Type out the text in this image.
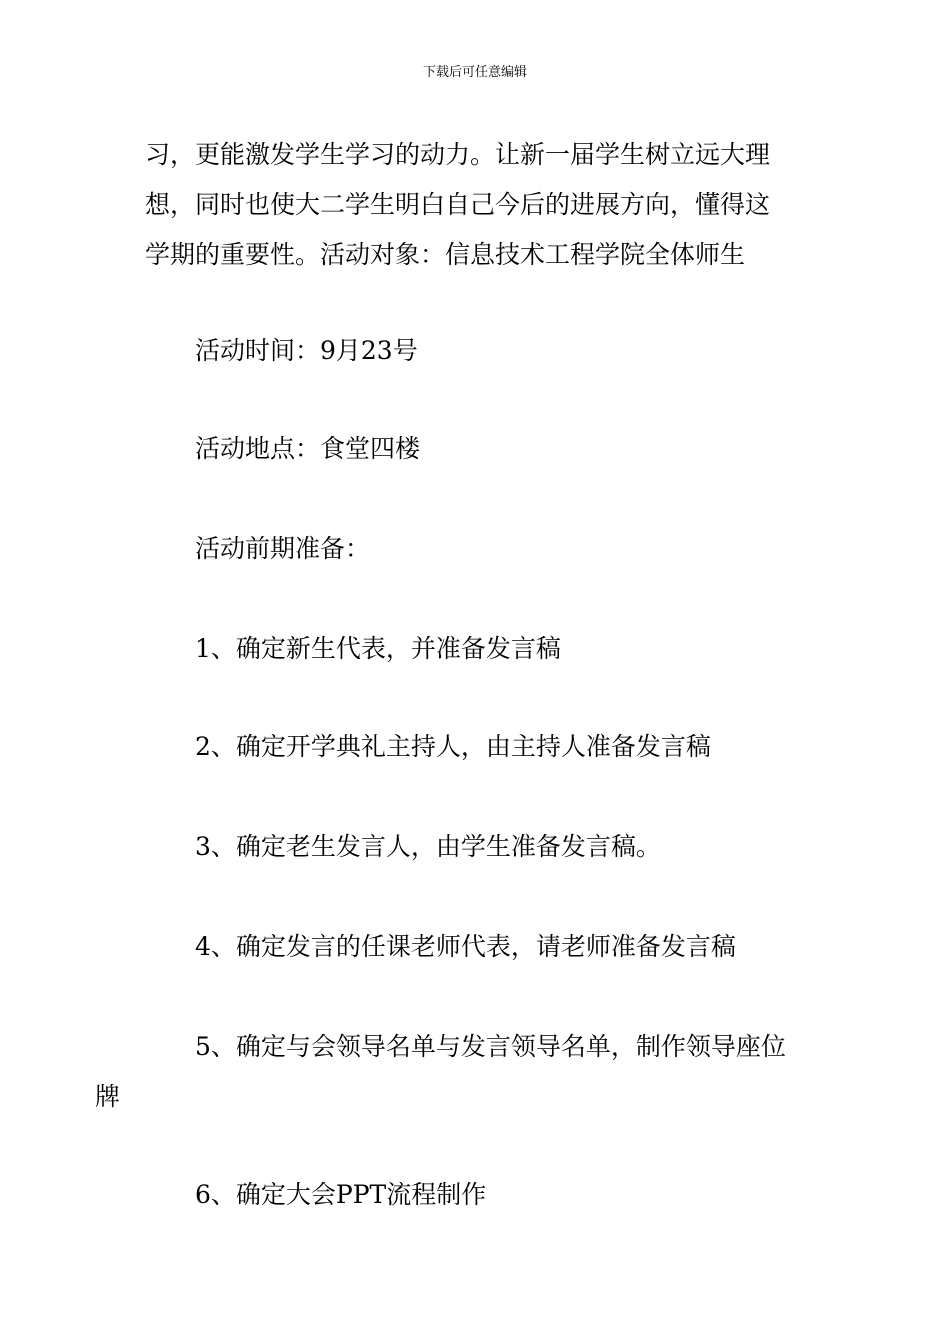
下载后可任意编辑
习，更能激发学生学习的动力。让新一届学生树立远大理
想，同时也使大二学生明白自己今后的进展方向，懂得这
学期的重要性。活动对象：信息技术工程学院全体师生

活动时间：9月23号

活动地点：食堂四楼

活动前期准备：

1、确定新生代表，并准备发言稿

2、确定开学典礼主持人，由主持人准备发言稿

3、确定老生发言人，由学生准备发言稿。

4、确定发言的任课老师代表，请老师准备发言稿

5、确定与会领导名单与发言领导名单，制作领导座位
牌

6、确定大会PPT流程制作
